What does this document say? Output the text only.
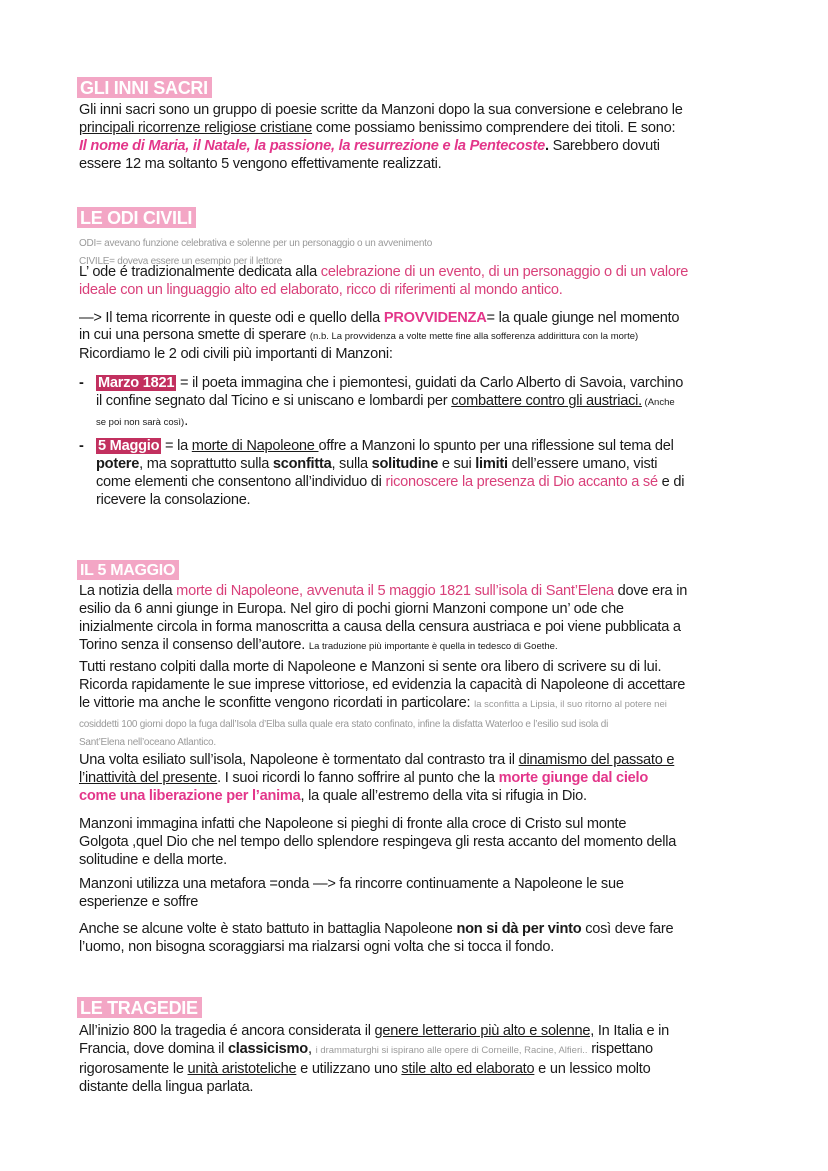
GLI INNI SACRI
Gli inni sacri sono un gruppo di poesie scritte da Manzoni dopo la sua conversione e celebrano le
principali ricorrenze religiose cristiane come possiamo benissimo comprendere dei titoli. E sono:
Il nome di Maria, il Natale, la passione, la resurrezione e la Pentecoste. Sarebbero dovuti
essere 12 ma soltanto 5 vengono effettivamente realizzati.
LE ODI CIVILI
ODI= avevano funzione celebrativa e solenne per un personaggio o un avvenimento
CIVILE= doveva essere un esempio per il lettore
L’ ode é tradizionalmente dedicata alla celebrazione di un evento, di un personaggio o di un valore
ideale con un linguaggio alto ed elaborato, ricco di riferimenti al mondo antico.
—> Il tema ricorrente in queste odi e quello della PROVVIDENZA= la quale giunge nel momento
in cui una persona smette di sperare (n.b. La provvidenza a volte mette fine alla sofferenza addirittura con la morte)
Ricordiamo le 2 odi civili più importanti di Manzoni:
- Marzo 1821 = il poeta immagina che i piemontesi, guidati da Carlo Alberto di Savoia, varchino
il confine segnato dal Ticino e si uniscano e lombardi per combattere contro gli austriaci. (Anche
se poi non sarà così).
- 5 Maggio = la morte di Napoleone offre a Manzoni lo spunto per una riflessione sul tema del
potere, ma soprattutto sulla sconfitta, sulla solitudine e sui limiti dell’essere umano, visti
come elementi che consentono all’individuo di riconoscere la presenza di Dio accanto a sé e di
ricevere la consolazione.
IL 5 MAGGIO
La notizia della morte di Napoleone, avvenuta il 5 maggio 1821 sull’isola di Sant’Elena dove era in
esilio da 6 anni giunge in Europa. Nel giro di pochi giorni Manzoni compone un’ ode che
inizialmente circola in forma manoscritta a causa della censura austriaca e poi viene pubblicata a
Torino senza il consenso dell’autore. La traduzione più importante è quella in tedesco di Goethe.
Tutti restano colpiti dalla morte di Napoleone e Manzoni si sente ora libero di scrivere su di lui.
Ricorda rapidamente le sue imprese vittoriose, ed evidenzia la capacità di Napoleone di accettare
le vittorie ma anche le sconfitte vengono ricordati in particolare: la sconfitta a Lipsia, il suo ritorno al potere nei
cosiddetti 100 giorni dopo la fuga dall’Isola d’Elba sulla quale era stato confinato, infine la disfatta Waterloo e l’esilio sud isola di
Sant’Elena nell’oceano Atlantico.
Una volta esiliato sull’isola, Napoleone è tormentato dal contrasto tra il dinamismo del passato e
l’inattività del presente. I suoi ricordi lo fanno soffrire al punto che la morte giunge dal cielo
come una liberazione per l’anima, la quale all’estremo della vita si rifugia in Dio.
Manzoni immagina infatti che Napoleone si pieghi di fronte alla croce di Cristo sul monte
Golgota ,quel Dio che nel tempo dello splendore respingeva gli resta accanto del momento della
solitudine e della morte.
Manzoni utilizza una metafora =onda —> fa rincorre continuamente a Napoleone le sue
esperienze e soffre
Anche se alcune volte è stato battuto in battaglia Napoleone non si dà per vinto così deve fare
l’uomo, non bisogna scoraggiarsi ma rialzarsi ogni volta che si tocca il fondo.
LE TRAGEDIE
All’inizio 800 la tragedia é ancora considerata il genere letterario più alto e solenne, In Italia e in
Francia, dove domina il classicismo, i drammaturghi si ispirano alle opere di Corneille, Racine, Alfieri.. rispettano
rigorosamente le unità aristoteliche e utilizzano uno stile alto ed elaborato e un lessico molto
distante della lingua parlata.
